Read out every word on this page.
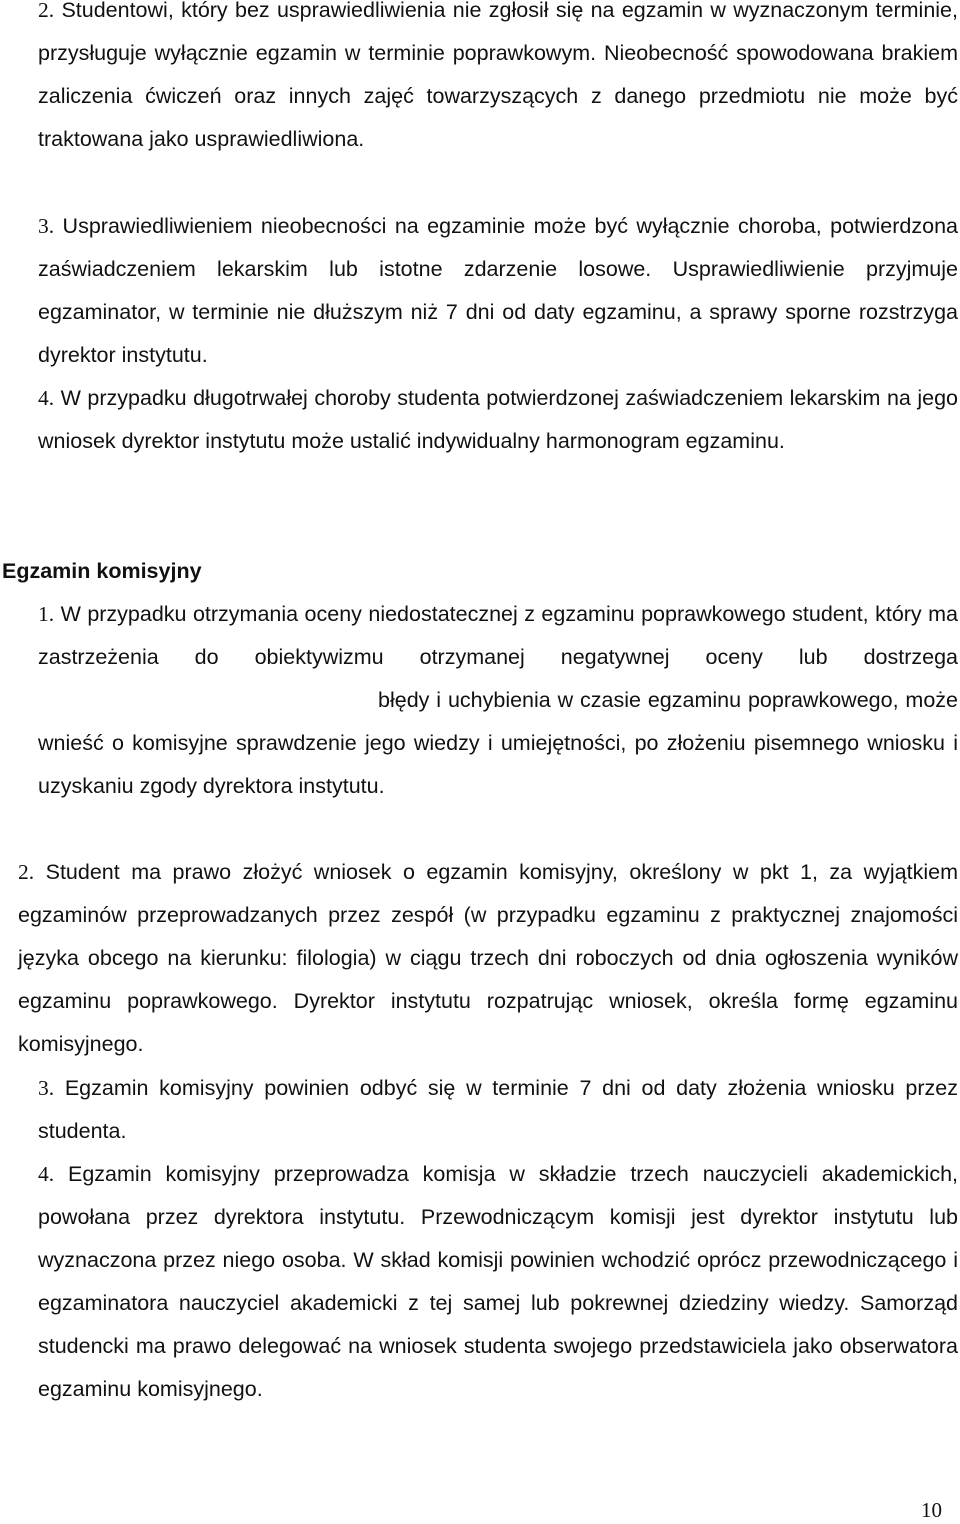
2. Studentowi, który bez usprawiedliwienia nie zgłosił się na egzamin w wyznaczonym terminie, przysługuje wyłącznie egzamin w terminie poprawkowym. Nieobecność spowodowana brakiem zaliczenia ćwiczeń oraz innych zajęć towarzyszących z danego przedmiotu nie może być traktowana jako usprawiedliwiona.

3. Usprawiedliwieniem nieobecności na egzaminie może być wyłącznie choroba, potwierdzona zaświadczeniem lekarskim lub istotne zdarzenie losowe. Usprawiedliwienie przyjmuje egzaminator, w terminie nie dłuższym niż 7 dni od daty egzaminu, a sprawy sporne rozstrzyga dyrektor instytutu.

4. W przypadku długotrwałej choroby studenta potwierdzonej zaświadczeniem lekarskim na jego wniosek dyrektor instytutu może ustalić indywidualny harmonogram egzaminu.

Egzamin komisyjny

1. W przypadku otrzymania oceny niedostatecznej z egzaminu poprawkowego student, który ma zastrzeżenia do obiektywizmu otrzymanej negatywnej oceny lub dostrzegabłędy i uchybienia w czasie egzaminu poprawkowego, może wnieść o komisyjne sprawdzenie jego wiedzy i umiejętności, po złożeniu pisemnego wniosku i uzyskaniu zgody dyrektora instytutu.

2. Student ma prawo złożyć wniosek o egzamin komisyjny, określony w pkt 1, za wyjątkiem egzaminów przeprowadzanych przez zespół (w przypadku egzaminu z praktycznej znajomości języka obcego na kierunku: filologia) w ciągu trzech dni roboczych od dnia ogłoszenia wyników egzaminu poprawkowego. Dyrektor instytutu rozpatrując wniosek, określa formę egzaminu komisyjnego.

3. Egzamin komisyjny powinien odbyć się w terminie 7 dni od daty złożenia wniosku przez studenta.

4. Egzamin komisyjny przeprowadza komisja w składzie trzech nauczycieli akademickich, powołana przez dyrektora instytutu. Przewodniczącym komisji jest dyrektor instytutu lub wyznaczona przez niego osoba. W skład komisji powinien wchodzić oprócz przewodniczącego i egzaminatora nauczyciel akademicki z tej samej lub pokrewnej dziedziny wiedzy. Samorząd studencki ma prawo delegować na wniosek studenta swojego przedstawiciela jako obserwatora egzaminu komisyjnego.

10
